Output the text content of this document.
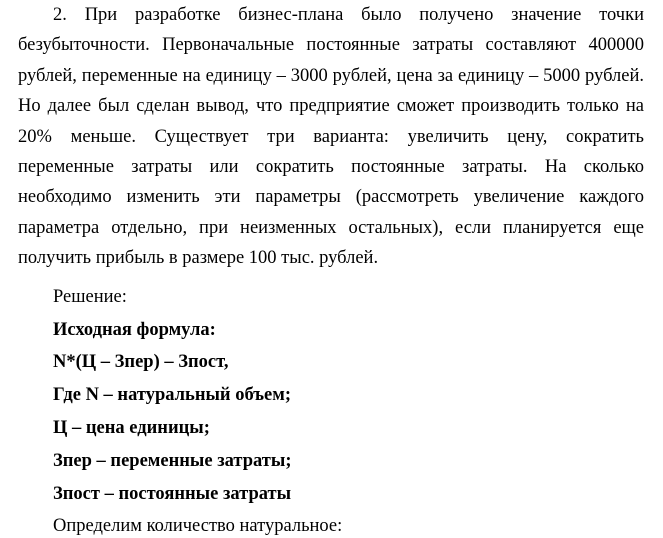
2. При разработке бизнес-плана было получено значение точки безубыточности. Первоначальные постоянные затраты составляют 400000 рублей, переменные на единицу – 3000 рублей, цена за единицу – 5000 рублей. Но далее был сделан вывод, что предприятие сможет производить только на 20% меньше. Существует три варианта: увеличить цену, сократить переменные затраты или сократить постоянные затраты. На сколько необходимо изменить эти параметры (рассмотреть увеличение каждого параметра отдельно, при неизменных остальных), если планируется еще получить прибыль в размере 100 тыс. рублей.

Решение:

Исходная формула:

N*(Ц – Зпер) – Зпост,

Где N – натуральный объем;

Ц – цена единицы;

Зпер – переменные затраты;

Зпост – постоянные затраты

Определим количество натуральное:
